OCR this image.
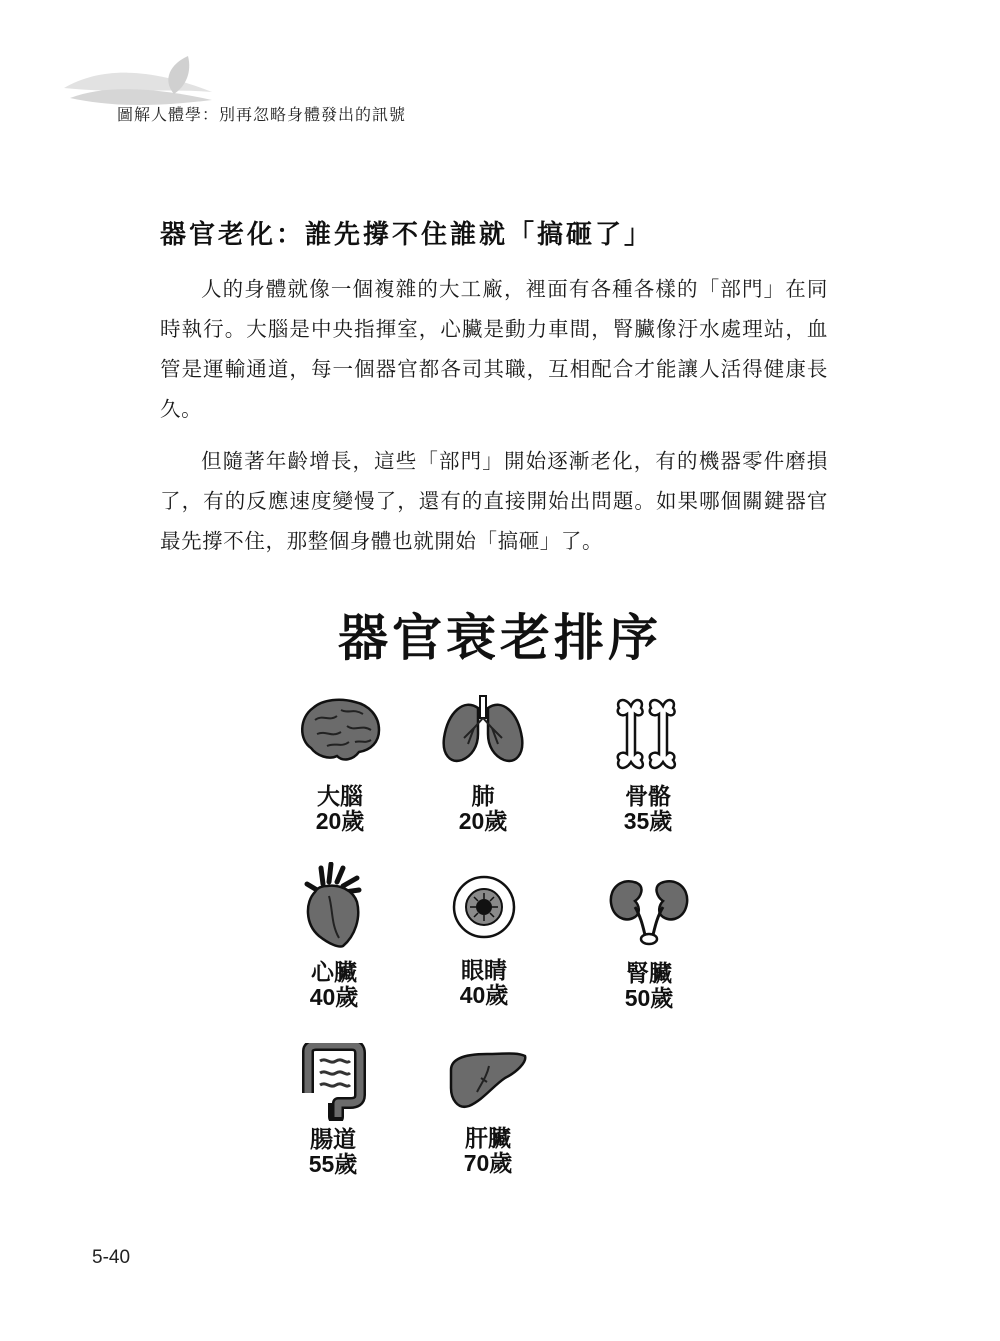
圖解人體學：別再忽略身體發出的訊號
器官老化：誰先撐不住誰就「搞砸了」

人的身體就像一個複雜的大工廠，裡面有各種各樣的「部門」在同時執行。大腦是中央指揮室，心臟是動力車間，腎臟像汙水處理站，血管是運輸通道，每一個器官都各司其職，互相配合才能讓人活得健康長久。

但隨著年齡增長，這些「部門」開始逐漸老化，有的機器零件磨損了，有的反應速度變慢了，還有的直接開始出問題。如果哪個關鍵器官最先撐不住，那整個身體也就開始「搞砸」了。

器官衰老排序
大腦
20歲
肺
20歲
骨骼
35歲
心臟
40歲
眼睛
40歲
腎臟
50歲
腸道
55歲
肝臟
70歲
5-40
